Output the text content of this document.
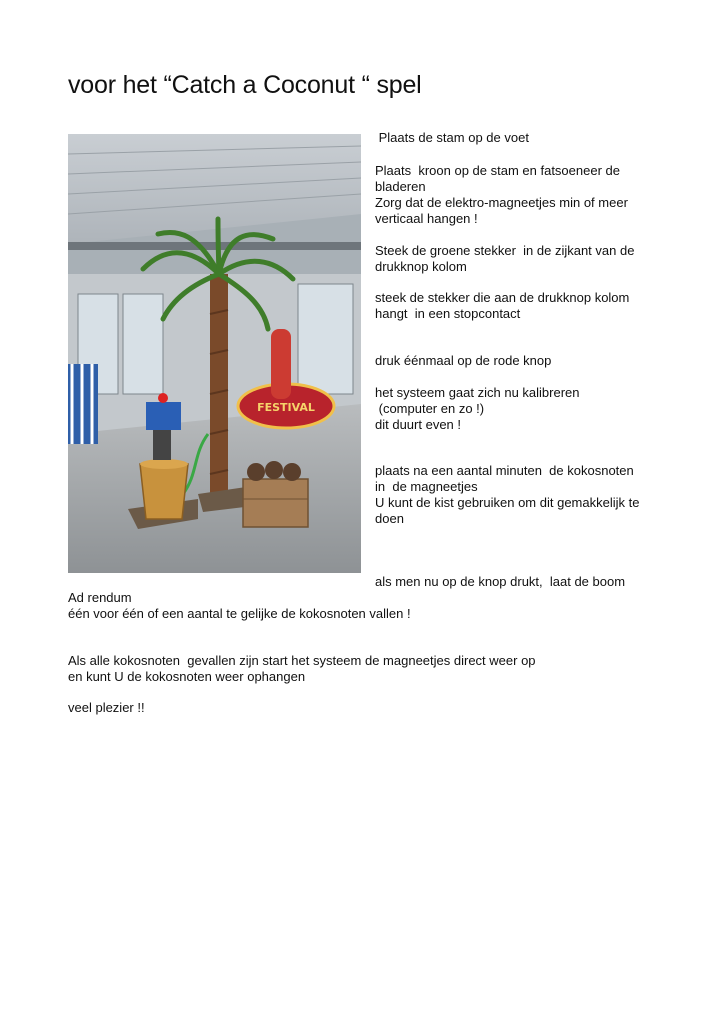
voor het “Catch a Coconut “ spel
FESTIVAL

Plaats de stam op de voet

Plaats  kroon op de stam en fatsoeneer de
bladeren
Zorg dat de elektro-magneetjes min of meer
verticaal hangen !

Steek de groene stekker  in de zijkant van de
drukknop kolom

steek de stekker die aan de drukknop kolom
hangt  in een stopcontact

druk éénmaal op de rode knop

het systeem gaat zich nu kalibreren
(computer en zo !)
dit duurt even !

plaats na een aantal minuten  de kokosnoten
in  de magneetjes
U kunt de kist gebruiken om dit gemakkelijk te
doen

als men nu op de knop drukt,  laat de boom

Ad rendum
één voor één of een aantal te gelijke de kokosnoten vallen !

Als alle kokosnoten  gevallen zijn start het systeem de magneetjes direct weer op
en kunt U de kokosnoten weer ophangen

veel plezier !!
